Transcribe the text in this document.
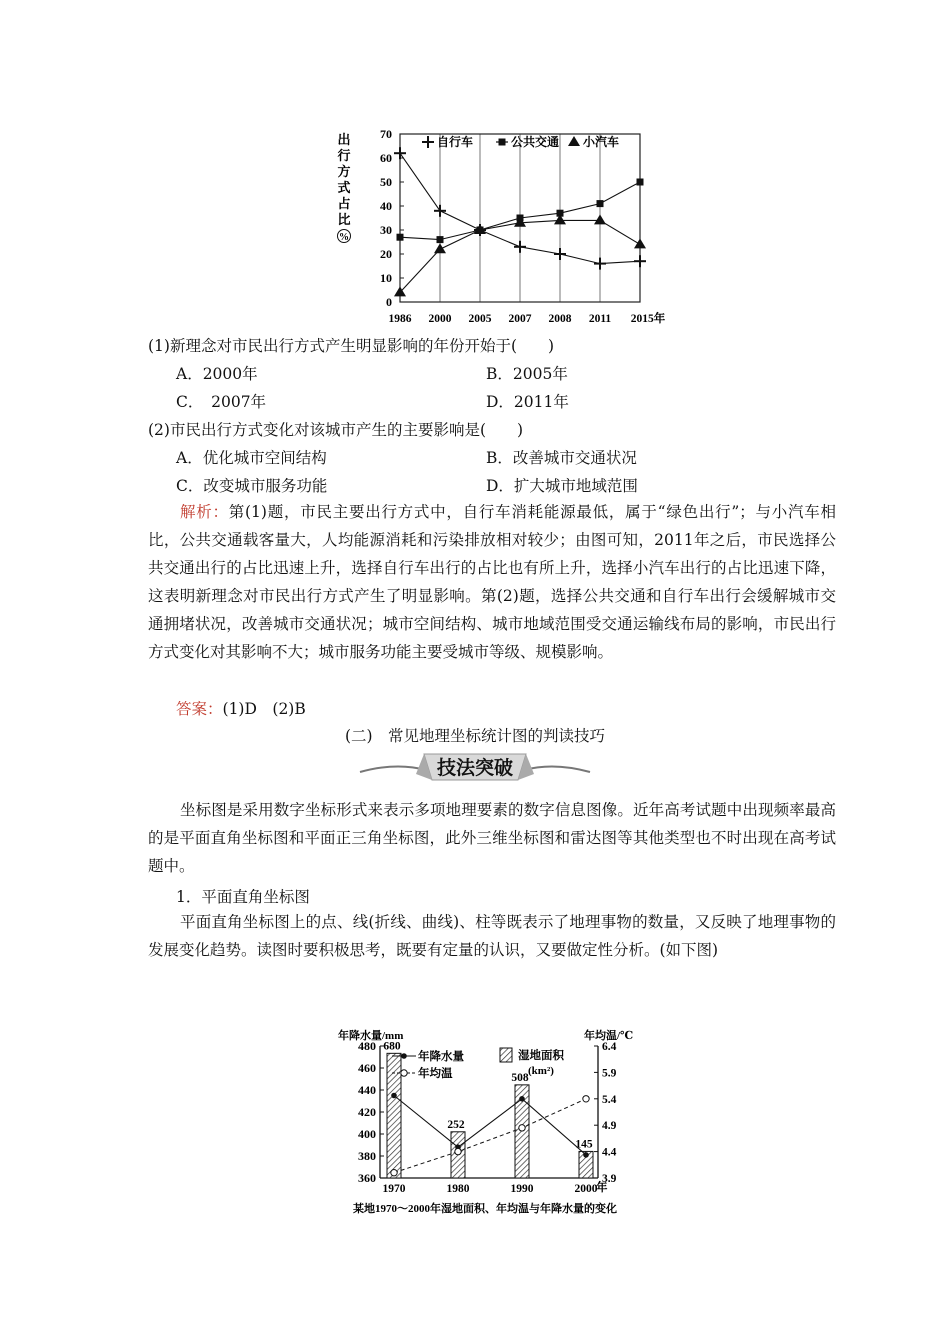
出
行
方
式
占
比
%
0
10
20
30
40
50
60
70
1986 2000 2005 2007 2008 2011 2015年
自行车	公共交通 小汽车
(1)新理念对市民出行方式产生明显影响的年份开始于(　　)
A．2000年	B．2005年
C．　2007年	D．2011年
(2)市民出行方式变化对该城市产生的主要影响是(　　)
A．优化城市空间结构	B．改善城市交通状况
C．改变城市服务功能	D．扩大城市地域范围

解析：第(1)题，市民主要出行方式中，自行车消耗能源最低，属于“绿色出行”；与小汽车相比，公共交通载客量大，人均能源消耗和污染排放相对较少；由图可知，2011年之后，市民选择公共交通出行的占比迅速上升，选择自行车出行的占比也有所上升，选择小汽车出行的占比迅速下降，这表明新理念对市民出行方式产生了明显影响。第(2)题，选择公共交通和自行车出行会缓解城市交通拥堵状况，改善城市交通状况；城市空间结构、城市地域范围受交通运输线布局的影响，市民出行方式变化对其影响不大；城市服务功能主要受城市等级、规模影响。

答案：(1)D　(2)B
(二)　常见地理坐标统计图的判读技巧
技法突破

坐标图是采用数字坐标形式来表示多项地理要素的数字信息图像。近年高考试题中出现频率最高的是平面直角坐标图和平面正三角坐标图，此外三维坐标图和雷达图等其他类型也不时出现在高考试题中。

1．平面直角坐标图

平面直角坐标图上的点、线(折线、曲线)、柱等既表示了地理事物的数量，又反映了地理事物的发展变化趋势。读图时要积极思考，既要有定量的认识，又要做定性分析。(如下图)

年降水量/mm	年均温/℃
360
380
400
420
440
460
480
3.9
4.4
4.9
5.4
5.9
6.4
1970	1980	1990	2000
年
680
252
508
145
年降水量
年均温
湿地面积
(km²)
某地1970～2000年湿地面积、年均温与年降水量的变化
